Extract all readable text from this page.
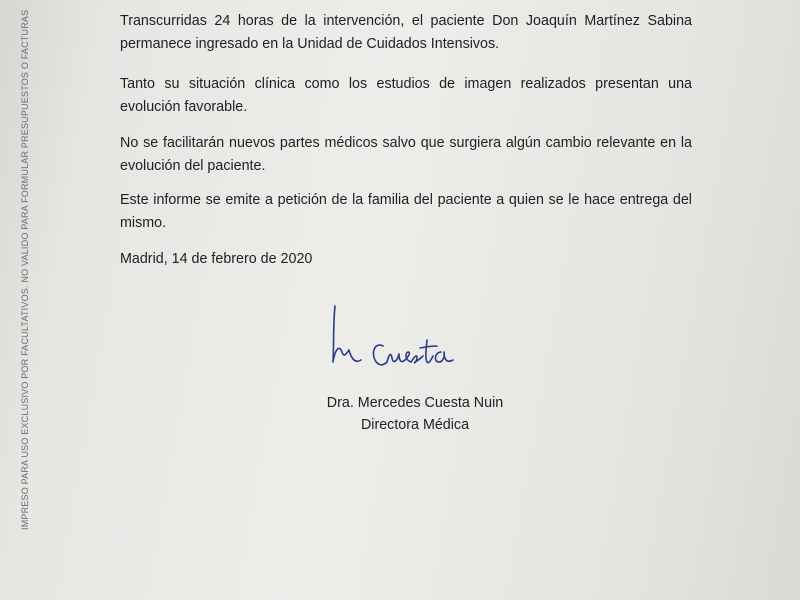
IMPRESO PARA USO EXCLUSIVO POR FACULTATIVOS. NO VALIDO PARA FORMULAR PRESUPUESTOS O FACTURAS	Transcurridas 24 horas de la intervención, el paciente Don Joaquín Martínez Sabina permanece ingresado en la Unidad de Cuidados Intensivos.

Tanto su situación clínica como los estudios de imagen realizados presentan una evolución favorable.

No se facilitarán nuevos partes médicos salvo que surgiera algún cambio relevante en la evolución del paciente.

Este informe se emite a petición de la familia del paciente a quien se le hace entrega del mismo.

Madrid, 14 de febrero de 2020

Dra. Mercedes Cuesta Nuin
Directora Médica
